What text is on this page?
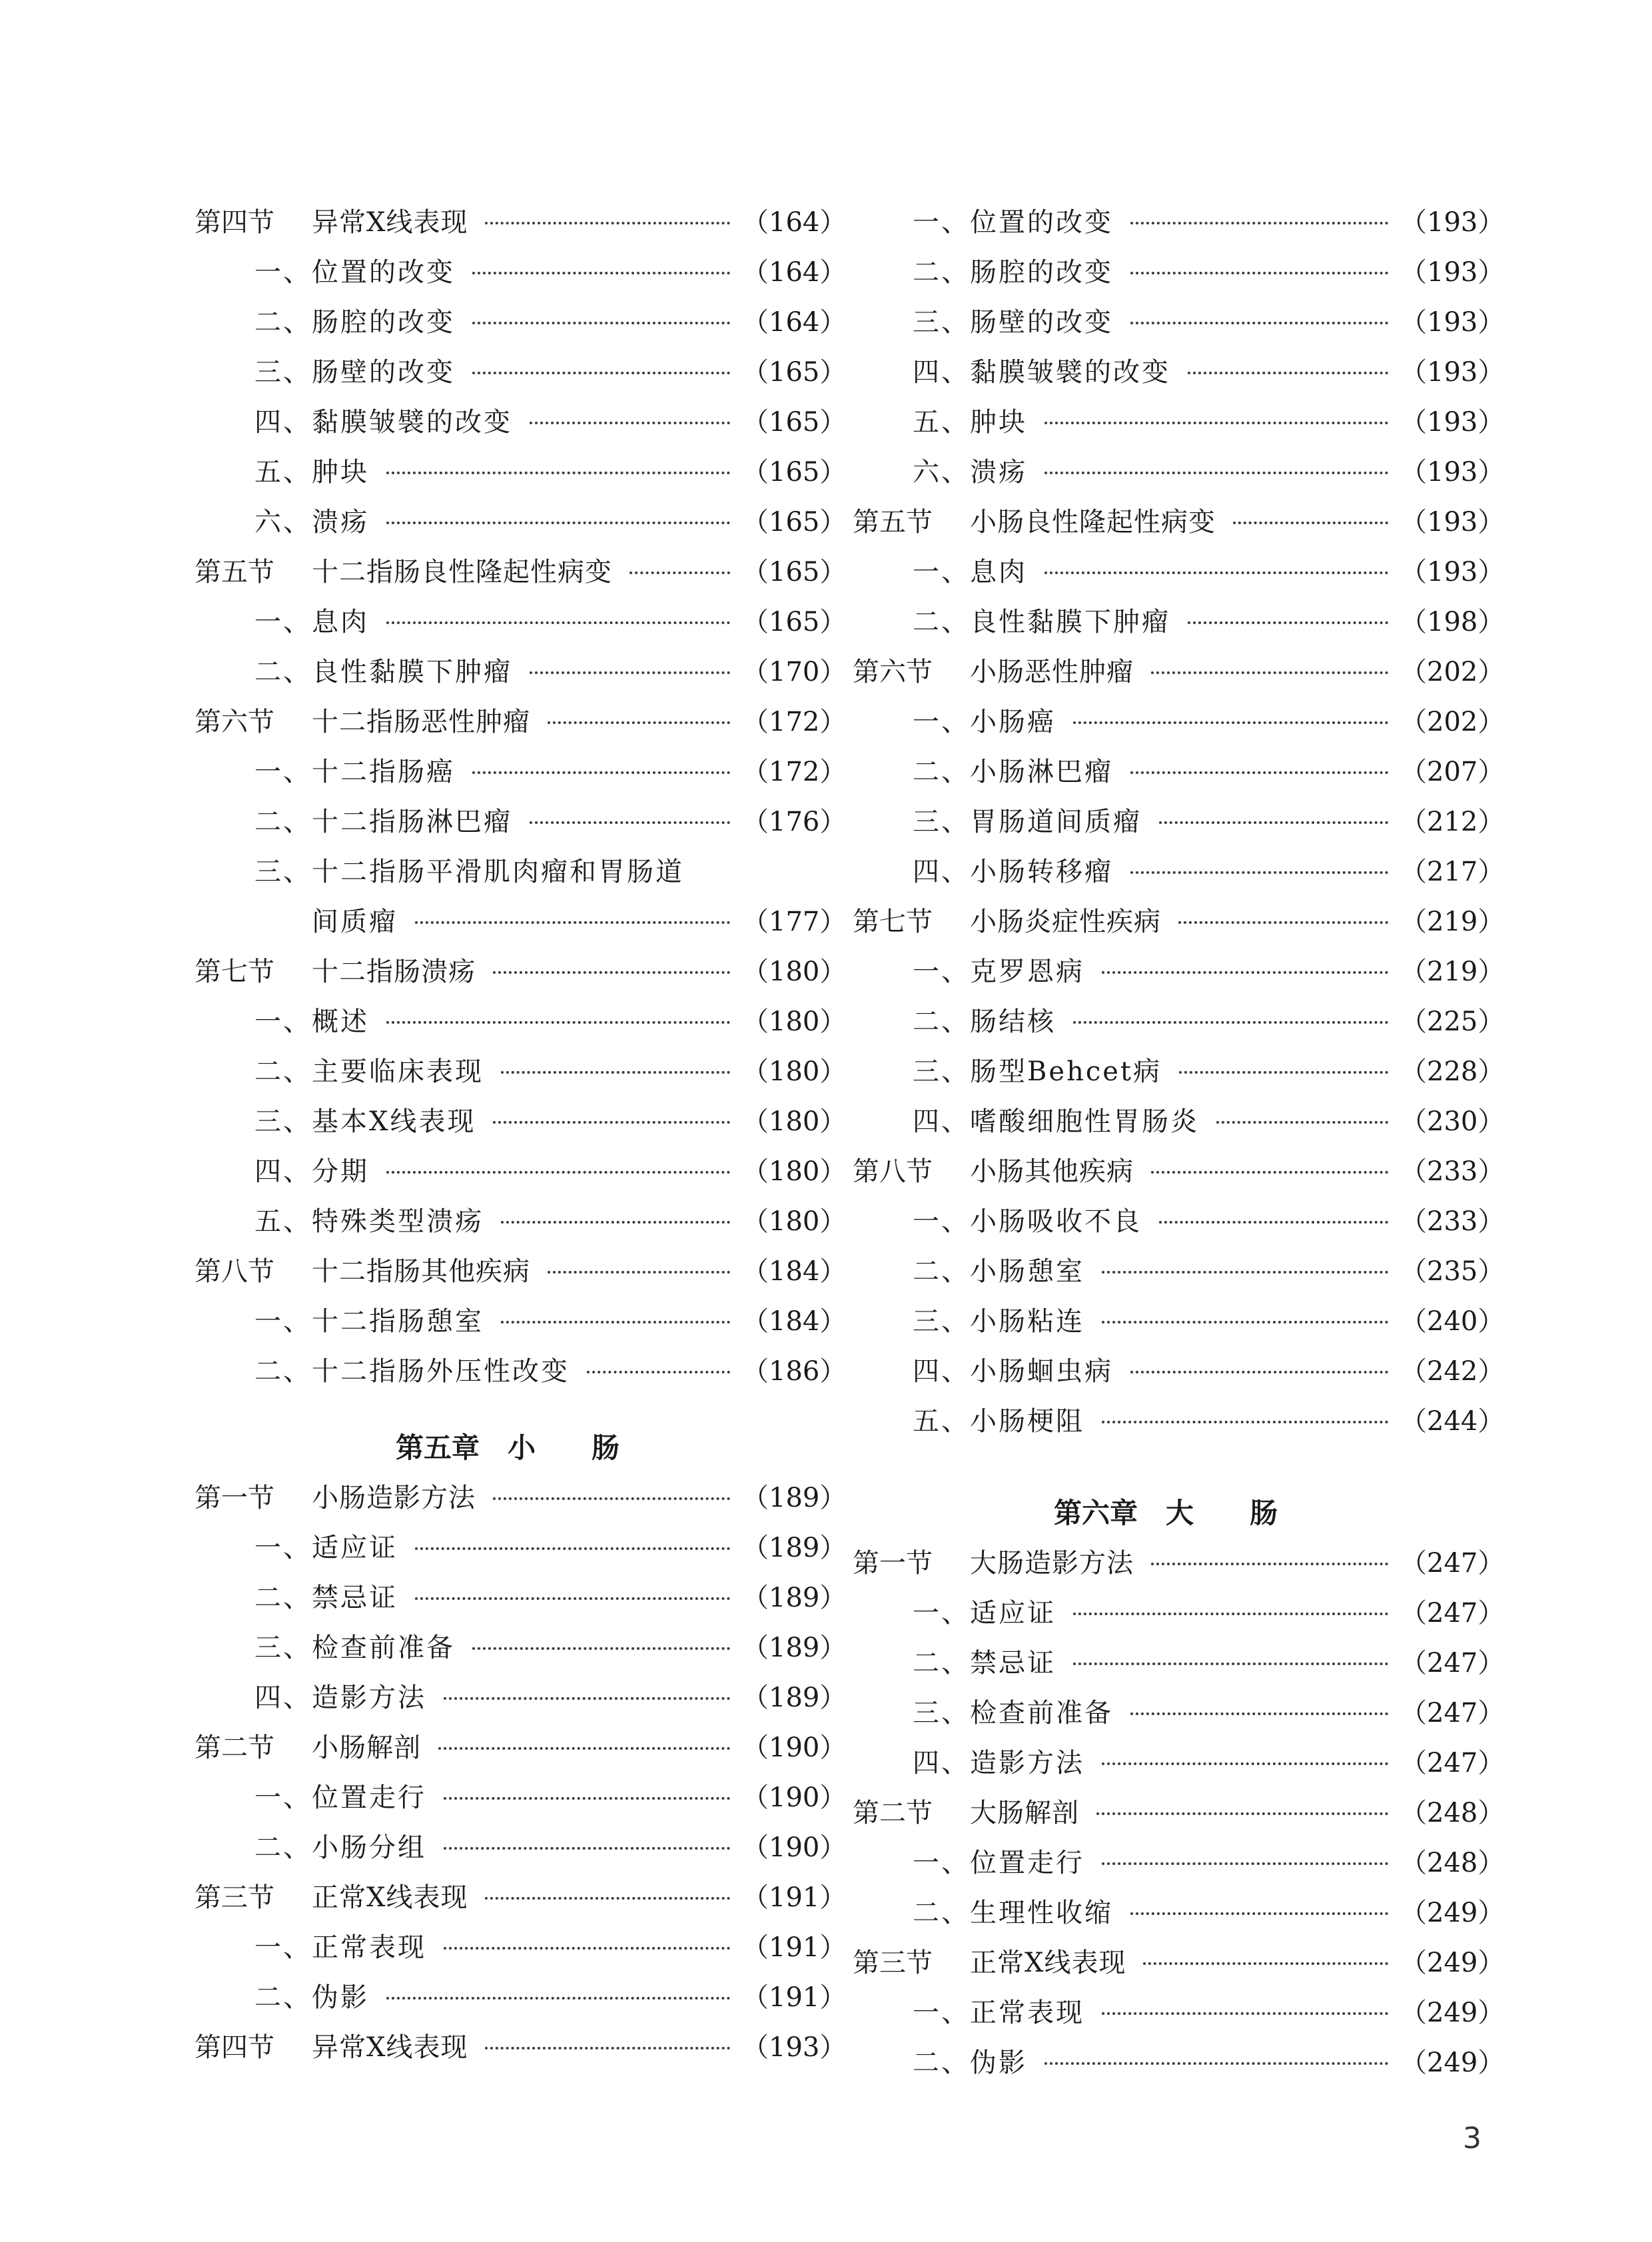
第四节	异常X线表现	（164）
一、位置的改变	（164）
二、肠腔的改变	（164）
三、肠壁的改变	（165）
四、黏膜皱襞的改变	（165）
五、肿块	（165）
六、溃疡	（165）
第五节	十二指肠良性隆起性病变	（165）
一、息肉	（165）
二、良性黏膜下肿瘤	（170）
第六节	十二指肠恶性肿瘤	（172）
一、十二指肠癌	（172）
二、十二指肠淋巴瘤	（176）
三、十二指肠平滑肌肉瘤和胃肠道
间质瘤	（177）
第七节	十二指肠溃疡	（180）
一、概述	（180）
二、主要临床表现	（180）
三、基本X线表现	（180）
四、分期	（180）
五、特殊类型溃疡	（180）
第八节	十二指肠其他疾病	（184）
一、十二指肠憩室	（184）
二、十二指肠外压性改变	（186）
第五章　小　　肠
第一节	小肠造影方法	（189）
一、适应证	（189）
二、禁忌证	（189）
三、检查前准备	（189）
四、造影方法	（189）
第二节	小肠解剖	（190）
一、位置走行	（190）
二、小肠分组	（190）
第三节	正常X线表现	（191）
一、正常表现	（191）
二、伪影	（191）
第四节	异常X线表现	（193）
一、位置的改变	（193）
二、肠腔的改变	（193）
三、肠壁的改变	（193）
四、黏膜皱襞的改变	（193）
五、肿块	（193）
六、溃疡	（193）
第五节	小肠良性隆起性病变	（193）
一、息肉	（193）
二、良性黏膜下肿瘤	（198）
第六节	小肠恶性肿瘤	（202）
一、小肠癌	（202）
二、小肠淋巴瘤	（207）
三、胃肠道间质瘤	（212）
四、小肠转移瘤	（217）
第七节	小肠炎症性疾病	（219）
一、克罗恩病	（219）
二、肠结核	（225）
三、肠型Behcet病	（228）
四、嗜酸细胞性胃肠炎	（230）
第八节	小肠其他疾病	（233）
一、小肠吸收不良	（233）
二、小肠憩室	（235）
三、小肠粘连	（240）
四、小肠蛔虫病	（242）
五、小肠梗阻	（244）
第六章　大　　肠
第一节	大肠造影方法	（247）
一、适应证	（247）
二、禁忌证	（247）
三、检查前准备	（247）
四、造影方法	（247）
第二节	大肠解剖	（248）
一、位置走行	（248）
二、生理性收缩	（249）
第三节	正常X线表现	（249）
一、正常表现	（249）
二、伪影	（249）
3
